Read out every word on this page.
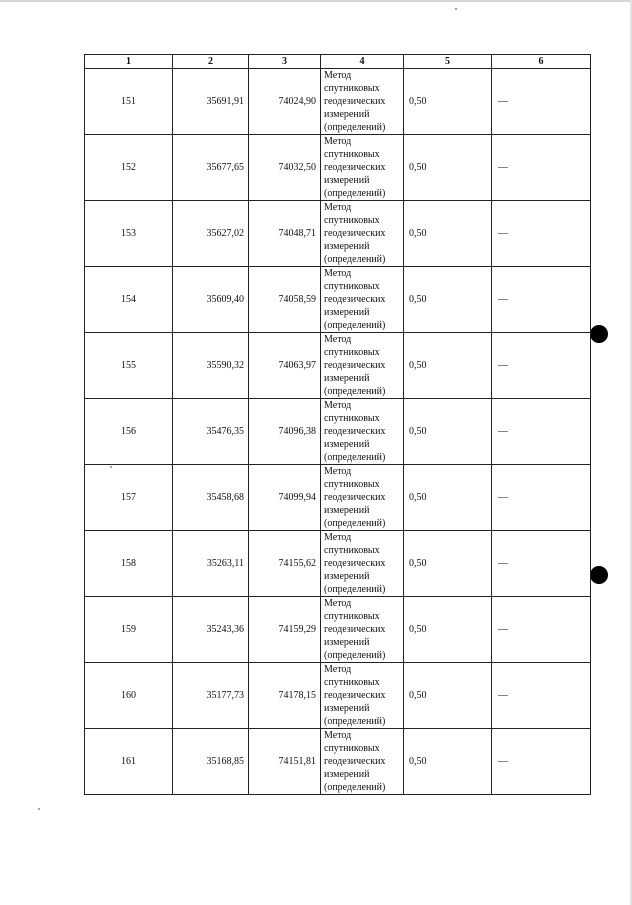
1	2	3	4	5	6
151	35691,91	74024,90	Метод
спутниковых
геодезических
измерений
(определений)	0,50	—
152	35677,65	74032,50	Метод
спутниковых
геодезических
измерений
(определений)	0,50	—
153	35627,02	74048,71	Метод
спутниковых
геодезических
измерений
(определений)	0,50	—
154	35609,40	74058,59	Метод
спутниковых
геодезических
измерений
(определений)	0,50	—
155	35590,32	74063,97	Метод
спутниковых
геодезических
измерений
(определений)	0,50	—
156	35476,35	74096,38	Метод
спутниковых
геодезических
измерений
(определений)	0,50	—
157	35458,68	74099,94	Метод
спутниковых
геодезических
измерений
(определений)	0,50	—
158	35263,11	74155,62	Метод
спутниковых
геодезических
измерений
(определений)	0,50	—
159	35243,36	74159,29	Метод
спутниковых
геодезических
измерений
(определений)	0,50	—
160	35177,73	74178,15	Метод
спутниковых
геодезических
измерений
(определений)	0,50	—
161	35168,85	74151,81	Метод
спутниковых
геодезических
измерений
(определений)	0,50	—
